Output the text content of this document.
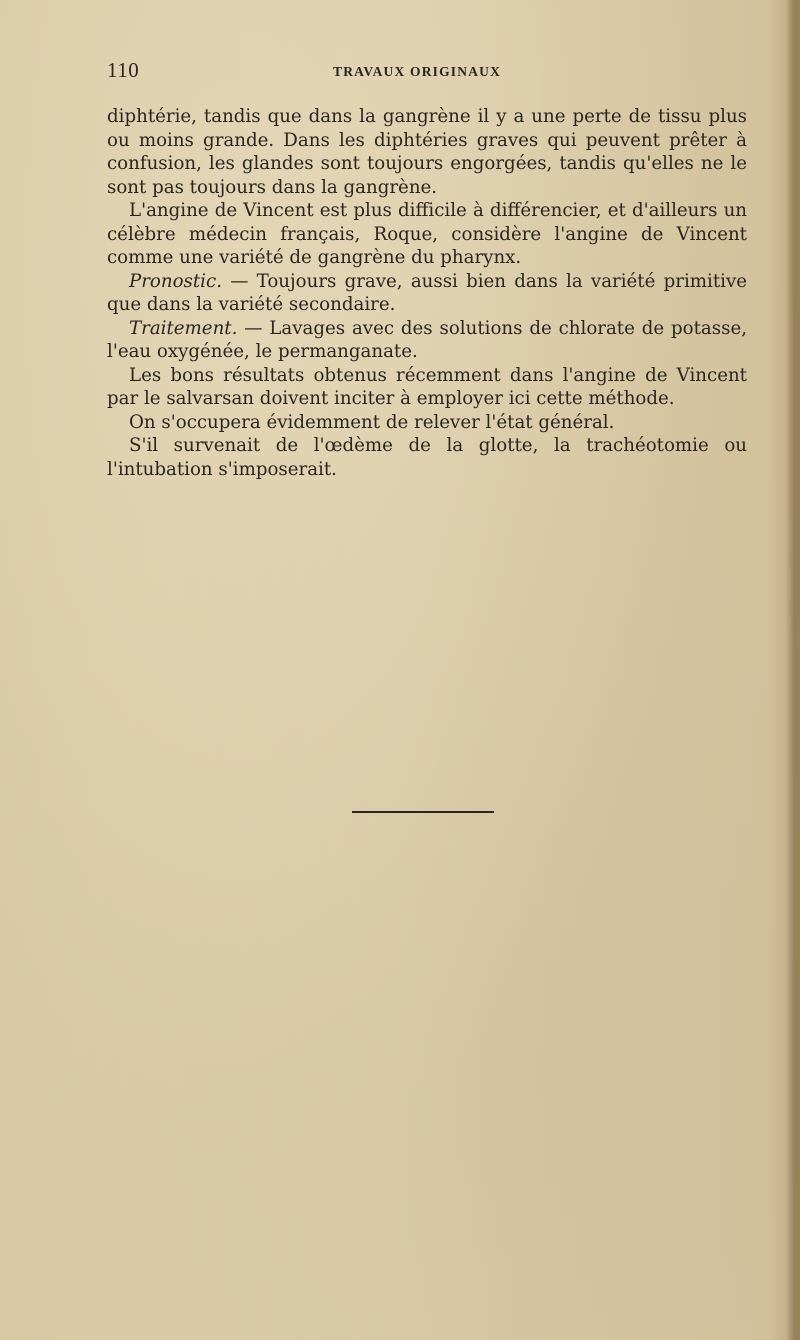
110	TRAVAUX ORIGINAUX

diphtérie, tandis que dans la gangrène il y a une perte de tissu plus ou moins grande. Dans les diphtéries graves qui peuvent prêter à confusion, les glandes sont toujours engorgées, tandis qu'elles ne le sont pas toujours dans la gangrène.

L'angine de Vincent est plus difficile à différencier, et d'ailleurs un célèbre médecin français, Roque, considère l'angine de Vincent comme une variété de gangrène du pharynx.

Pronostic. — Toujours grave, aussi bien dans la variété primitive que dans la variété secondaire.

Traitement. — Lavages avec des solutions de chlorate de potasse, l'eau oxygénée, le permanganate.

Les bons résultats obtenus récemment dans l'angine de Vincent par le salvarsan doivent inciter à employer ici cette méthode.

On s'occupera évidemment de relever l'état général.

S'il survenait de l'œdème de la glotte, la trachéotomie ou l'intubation s'imposerait.
